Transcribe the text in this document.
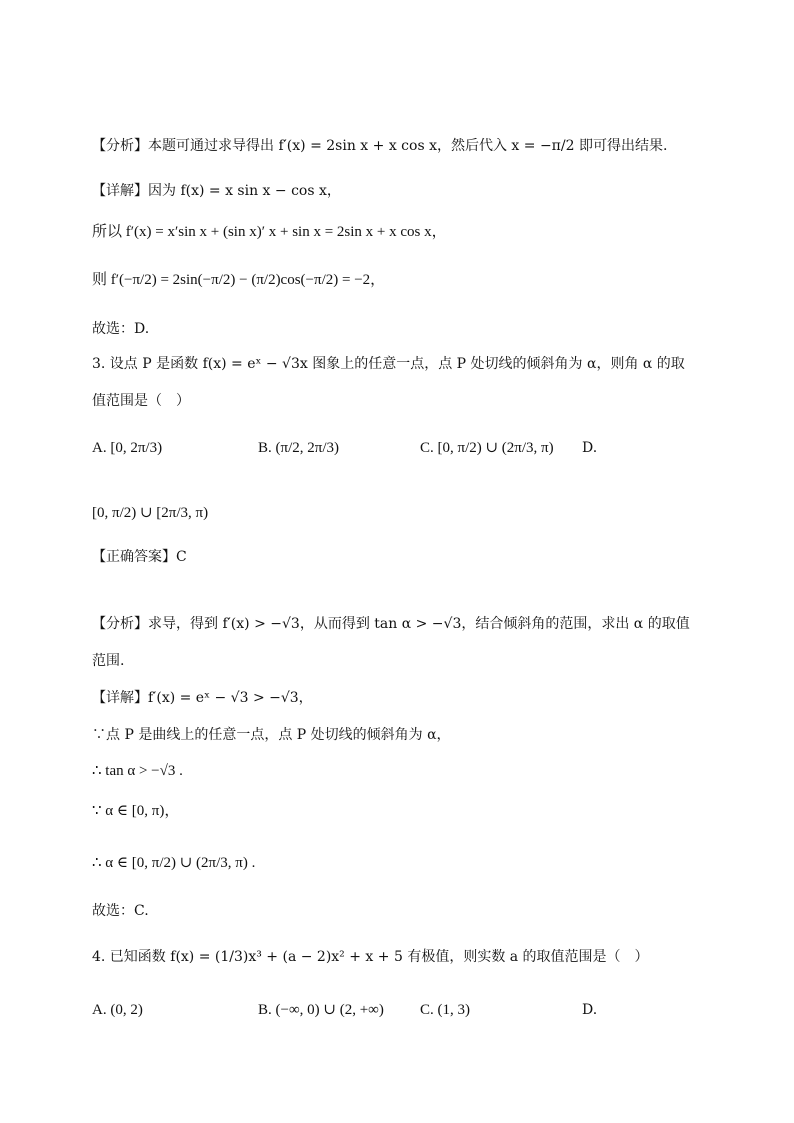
【分析】本题可通过求导得出 f′(x) = 2sin x + x cos x，然后代入 x = −π/2 即可得出结果.
【详解】因为 f(x) = x sin x − cos x，
所以 f′(x) = x′sin x + (sin x)′ x + sin x = 2sin x + x cos x，
则 f′(−π/2) = 2sin(−π/2) − (π/2)cos(−π/2) = −2，
故选：D.
3. 设点 P 是函数 f(x) = eˣ − √3x 图象上的任意一点，点 P 处切线的倾斜角为 α，则角 α 的取
值范围是（　）
A. [0, 2π/3)	B. (π/2, 2π/3)	C. [0, π/2) ∪ (2π/3, π) D.
[0, π/2) ∪ [2π/3, π)
【正确答案】C
【分析】求导，得到 f′(x) > −√3，从而得到 tan α > −√3，结合倾斜角的范围，求出 α 的取值
范围.
【详解】f′(x) = eˣ − √3 > −√3，
∵点 P 是曲线上的任意一点，点 P 处切线的倾斜角为 α，
∴ tan α > −√3 .
∵ α ∈ [0, π)，
∴ α ∈ [0, π/2) ∪ (2π/3, π) .
故选：C.
4. 已知函数 f(x) = (1/3)x³ + (a − 2)x² + x + 5 有极值，则实数 a 的取值范围是（　）
A. (0, 2)	B. (−∞, 0) ∪ (2, +∞) C. (1, 3)	D.
